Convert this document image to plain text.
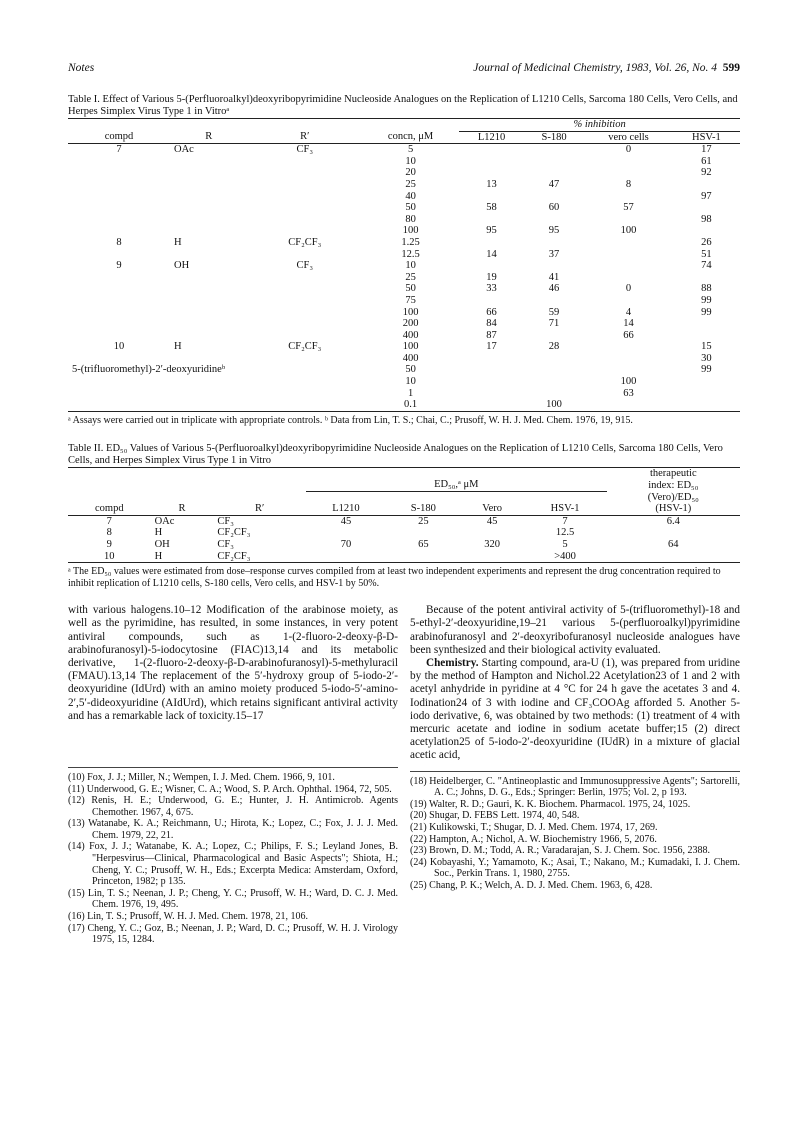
Notes	Journal of Medicinal Chemistry, 1983, Vol. 26, No. 4 599
Table I. Effect of Various 5-(Perfluoroalkyl)deoxyribopyrimidine Nucleoside Analogues on the Replication of L1210 Cells, Sarcoma 180 Cells, Vero Cells, and Herpes Simplex Virus Type 1 in Vitroᵃ
				% inhibition			
compd	R	R′	concn, μM	L1210	S-180	vero cells	HSV-1
7	OAc	CF₃	5			0	17
			10				61
			20				92
			25	13	47	8	
			40				97
			50	58	60	57	
			80				98
			100	95	95	100	
8	H	CF₂CF₃	1.25				26
			12.5	14	37		51
9	OH	CF₃	10				74
			25	19	41		
			50	33	46	0	88
			75				99
			100	66	59	4	99
			200	84	71	14	
			400	87		66	
10	H	CF₂CF₃	100	17	28		15
			400				30
5-(trifluoromethyl)-2′-deoxyuridineᵇ			50				99
			10			100	
			1			63	
			0.1		100		
ᵃ Assays were carried out in triplicate with appropriate controls. ᵇ Data from Lin, T. S.; Chai, C.; Prusoff, W. H. J. Med. Chem. 1976, 19, 915.
Table II. ED₅₀ Values of Various 5-(Perfluoroalkyl)deoxyribopyrimidine Nucleoside Analogues on the Replication of L1210 Cells, Sarcoma 180 Cells, Vero Cells, and Herpes Simplex Virus Type 1 in Vitro
							therapeutic
			ED₅₀,ᵃ μM				index: ED₅₀
							(Vero)/ED₅₀
compd	R	R′	L1210	S-180	Vero	HSV-1	(HSV-1)
7	OAc	CF₃	45	25	45	7	6.4
8	H	CF₂CF₃				12.5	
9	OH	CF₃	70	65	320	5	64
10	H	CF₂CF₃				>400	
ᵃ The ED₅₀ values were estimated from dose–response curves compiled from at least two independent experiments and represent the drug concentration required to inhibit replication of L1210 cells, S-180 cells, Vero cells, and HSV-1 by 50%.
with various halogens.10–12 Modification of the arabinose moiety, as well as the pyrimidine, has resulted, in some instances, in very potent antiviral compounds, such as 1-(2-fluoro-2-deoxy-β-D-arabinofuranosyl)-5-iodocytosine (FIAC)13,14 and its metabolic derivative, 1-(2-fluoro-2-deoxy-β-D-arabinofuranosyl)-5-methyluracil (FMAU).13,14 The replacement of the 5′-hydroxy group of 5-iodo-2′-deoxyuridine (IdUrd) with an amino moiety produced 5-iodo-5′-amino-2′,5′-dideoxyuridine (AIdUrd), which retains significant antiviral activity and has a remarkable lack of toxicity.15–17

(10) Fox, J. J.; Miller, N.; Wempen, I. J. Med. Chem. 1966, 9, 101.

(11) Underwood, G. E.; Wisner, C. A.; Wood, S. P. Arch. Ophthal. 1964, 72, 505.

(12) Renis, H. E.; Underwood, G. E.; Hunter, J. H. Antimicrob. Agents Chemother. 1967, 4, 675.

(13) Watanabe, K. A.; Reichmann, U.; Hirota, K.; Lopez, C.; Fox, J. J. J. Med. Chem. 1979, 22, 21.

(14) Fox, J. J.; Watanabe, K. A.; Lopez, C.; Philips, F. S.; Leyland Jones, B. "Herpesvirus—Clinical, Pharmacological and Basic Aspects"; Shiota, H.; Cheng, Y. C.; Prusoff, W. H., Eds.; Excerpta Medica: Amsterdam, Oxford, Princeton, 1982; p 135.

(15) Lin, T. S.; Neenan, J. P.; Cheng, Y. C.; Prusoff, W. H.; Ward, D. C. J. Med. Chem. 1976, 19, 495.

(16) Lin, T. S.; Prusoff, W. H. J. Med. Chem. 1978, 21, 106.

(17) Cheng, Y. C.; Goz, B.; Neenan, J. P.; Ward, D. C.; Prusoff, W. H. J. Virology 1975, 15, 1284.

Because of the potent antiviral activity of 5-(trifluoromethyl)-18 and 5-ethyl-2′-deoxyuridine,19–21 various 5-(perfluoroalkyl)pyrimidine arabinofuranosyl and 2′-deoxyribofuranosyl nucleoside analogues have been synthesized and their biological activity evaluated.
Chemistry. Starting compound, ara-U (1), was prepared from uridine by the method of Hampton and Nichol.22 Acetylation23 of 1 and 2 with acetyl anhydride in pyridine at 4 °C for 24 h gave the acetates 3 and 4. Iodination24 of 3 with iodine and CF₃COOAg afforded 5. Another 5-iodo derivative, 6, was obtained by two methods: (1) treatment of 4 with mercuric acetate and iodine in sodium acetate buffer;15 (2) direct acetylation25 of 5-iodo-2′-deoxyuridine (IUdR) in a mixture of glacial acetic acid,

(18) Heidelberger, C. "Antineoplastic and Immunosuppressive Agents"; Sartorelli, A. C.; Johns, D. G., Eds.; Springer: Berlin, 1975; Vol. 2, p 193.

(19) Walter, R. D.; Gauri, K. K. Biochem. Pharmacol. 1975, 24, 1025.

(20) Shugar, D. FEBS Lett. 1974, 40, 548.

(21) Kulikowski, T.; Shugar, D. J. Med. Chem. 1974, 17, 269.

(22) Hampton, A.; Nichol, A. W. Biochemistry 1966, 5, 2076.

(23) Brown, D. M.; Todd, A. R.; Varadarajan, S. J. Chem. Soc. 1956, 2388.

(24) Kobayashi, Y.; Yamamoto, K.; Asai, T.; Nakano, M.; Kumadaki, I. J. Chem. Soc., Perkin Trans. 1, 1980, 2755.

(25) Chang, P. K.; Welch, A. D. J. Med. Chem. 1963, 6, 428.
